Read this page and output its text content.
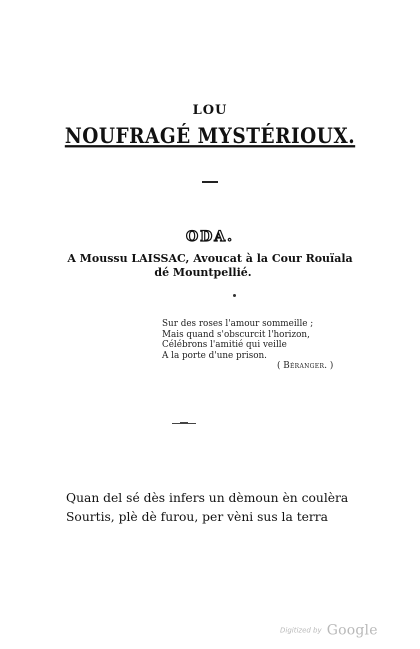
LOU
NOUFRAGÉ MYSTÉRIOUX.
ODA.
A Moussu LAISSAC, Avoucat à la Cour Rouïala
dé Mountpellié.
Sur des roses l'amour sommeille ;
Mais quand s'obscurcit l'horizon,
Célébrons l'amitié qui veille
A la porte d'une prison.
( Béranger. )
Quan del sé dès infers un dèmoun èn coulèra
Sourtis, plè dè furou, per vèni sus la terra
Digitized by Google
